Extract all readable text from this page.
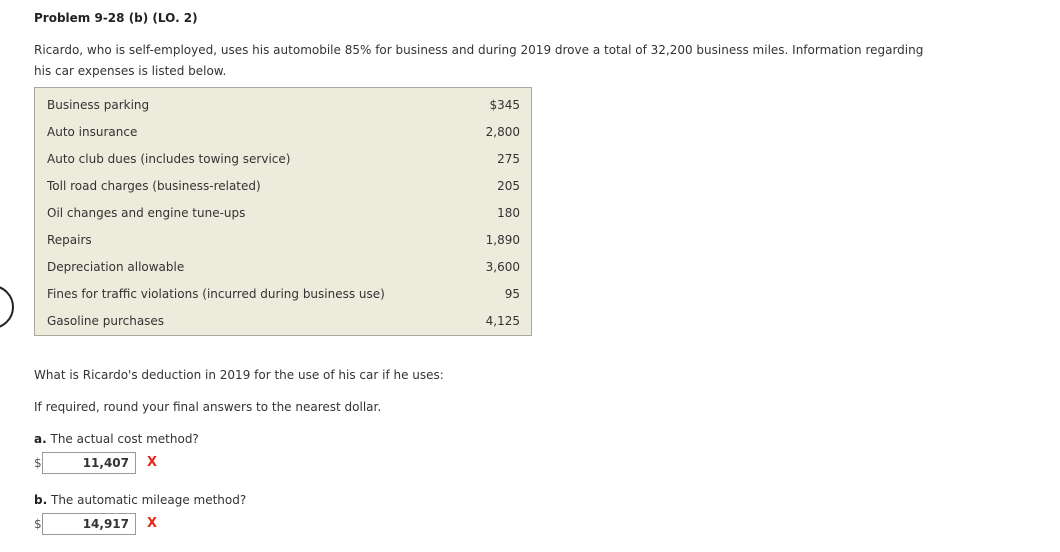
Problem 9-28 (b) (LO. 2)
Ricardo, who is self-employed, uses his automobile 85% for business and during 2019 drove a total of 32,200 business miles. Information regarding his car expenses is listed below.
Business parking	$345
Auto insurance	2,800
Auto club dues (includes towing service)	275
Toll road charges (business-related)	205
Oil changes and engine tune-ups	180
Repairs	1,890
Depreciation allowable	3,600
Fines for traffic violations (incurred during business use)	95
Gasoline purchases	4,125
What is Ricardo's deduction in 2019 for the use of his car if he uses:
If required, round your final answers to the nearest dollar.
a. The actual cost method?
$
11,407	X
b. The automatic mileage method?
$
14,917	X
